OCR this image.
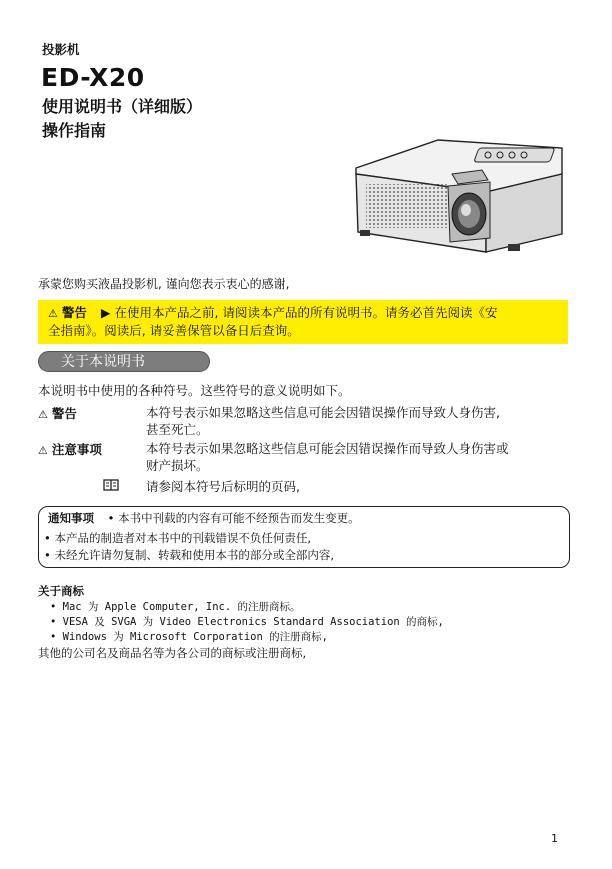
投影机
ED-X20
使用说明书（详细版）
操作指南
承蒙您购买液晶投影机, 谨向您表示衷心的感谢,
⚠ 警告 ▶ 在使用本产品之前, 请阅读本产品的所有说明书。请务必首先阅读《安
全指南》。阅读后, 请妥善保管以备日后查询。
关于本说明书
本说明书中使用的各种符号。这些符号的意义说明如下。
⚠ 警告	本符号表示如果忽略这些信息可能会因错误操作而导致人身伤害,
甚至死亡。
⚠ 注意事项	本符号表示如果忽略这些信息可能会因错误操作而导致人身伤害或
财产损坏。
请参阅本符号后标明的页码,
通知事项 • 本书中刊载的内容有可能不经预告而发生变更。
• 本产品的制造者对本书中的刊载错误不负任何责任,
• 未经允许请勿复制、转载和使用本书的部分或全部内容,
关于商标
• Mac 为 Apple Computer, Inc. 的注册商标。
• VESA 及 SVGA 为 Video Electronics Standard Association 的商标,
• Windows 为 Microsoft Corporation 的注册商标,
其他的公司名及商品名等为各公司的商标或注册商标,
1
